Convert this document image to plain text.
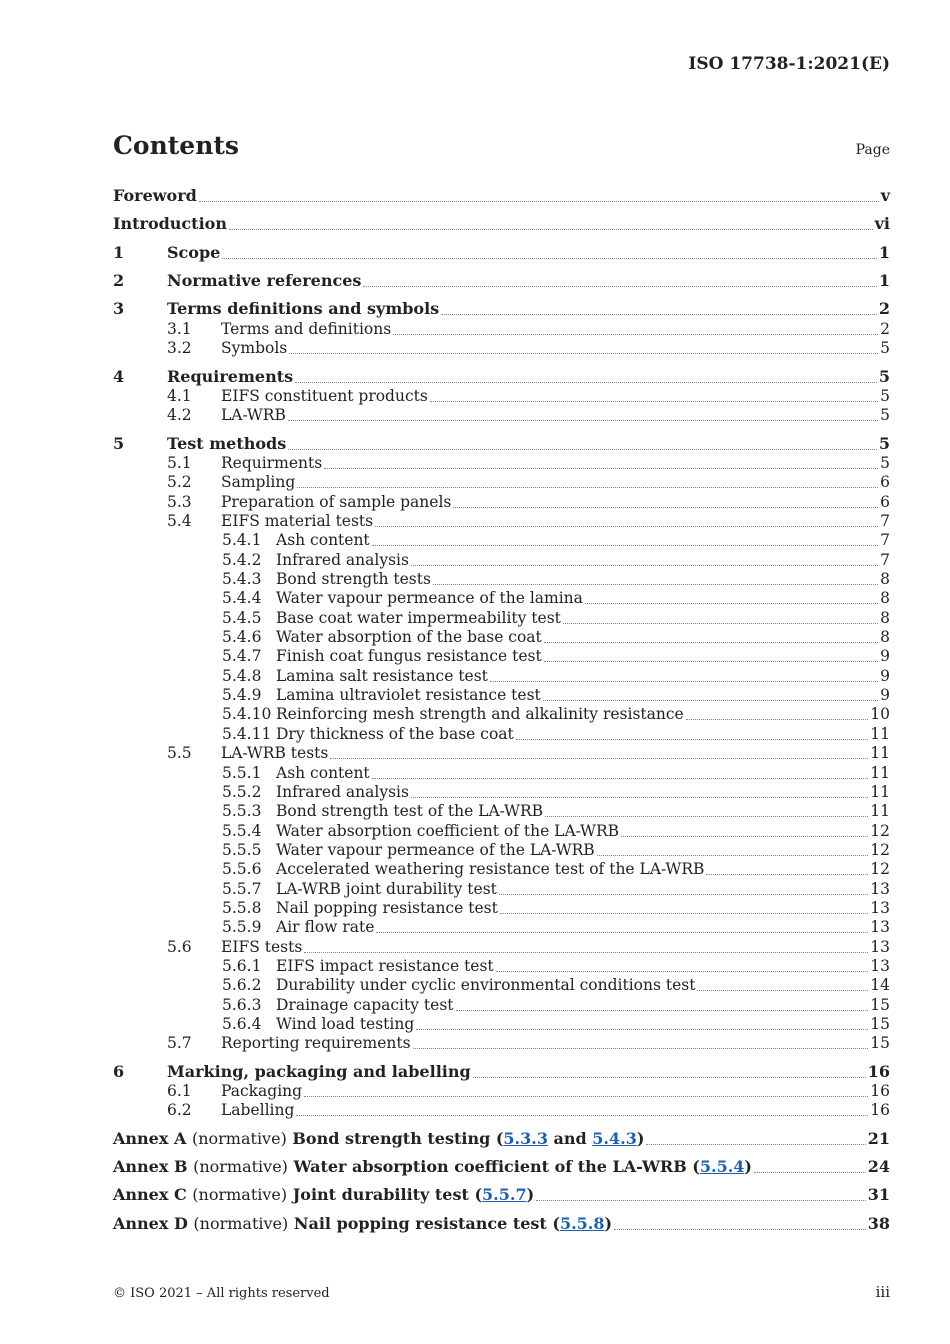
ISO 17738-1:2021(E)
Contents	Page
Foreword	v
Introduction	vi
1	Scope	1
2	Normative references	1
3	Terms definitions and symbols	2
3.1	Terms and definitions	2
3.2	Symbols	5
4	Requirements	5
4.1	EIFS constituent products	5
4.2	LA-WRB	5
5	Test methods	5
5.1	Requirments	5
5.2	Sampling	6
5.3	Preparation of sample panels	6
5.4	EIFS material tests	7
5.4.1 Ash content	7
5.4.2 Infrared analysis	7
5.4.3 Bond strength tests	8
5.4.4 Water vapour permeance of the lamina	8
5.4.5 Base coat water impermeability test	8
5.4.6 Water absorption of the base coat	8
5.4.7 Finish coat fungus resistance test	9
5.4.8 Lamina salt resistance test	9
5.4.9 Lamina ultraviolet resistance test	9
5.4.10 Reinforcing mesh strength and alkalinity resistance	10
5.4.11 Dry thickness of the base coat	11
5.5	LA-WRB tests	11
5.5.1 Ash content	11
5.5.2 Infrared analysis	11
5.5.3 Bond strength test of the LA-WRB	11
5.5.4 Water absorption coefficient of the LA-WRB	12
5.5.5 Water vapour permeance of the LA-WRB	12
5.5.6 Accelerated weathering resistance test of the LA-WRB	12
5.5.7 LA-WRB joint durability test	13
5.5.8 Nail popping resistance test	13
5.5.9 Air flow rate	13
5.6	EIFS tests	13
5.6.1 EIFS impact resistance test	13
5.6.2 Durability under cyclic environmental conditions test	14
5.6.3 Drainage capacity test	15
5.6.4 Wind load testing	15
5.7	Reporting requirements	15
6	Marking, packaging and labelling	16
6.1	Packaging	16
6.2	Labelling	16
Annex A (normative) Bond strength testing (5.3.3 and 5.4.3)	21
Annex B (normative) Water absorption coefficient of the LA-WRB (5.5.4)	24
Annex C (normative) Joint durability test (5.5.7)	31
Annex D (normative) Nail popping resistance test (5.5.8)	38
© ISO 2021 – All rights reserved	iii
